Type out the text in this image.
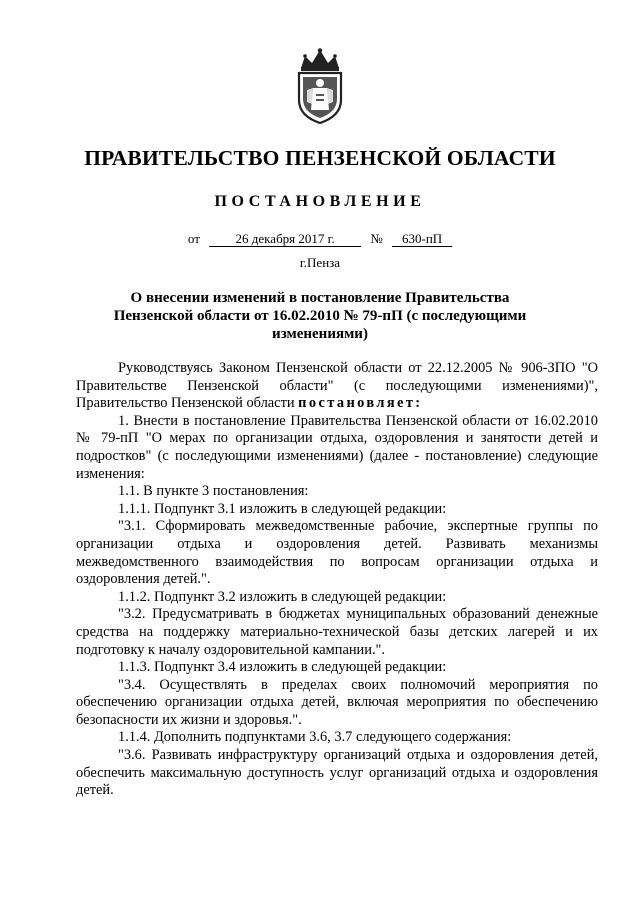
ПРАВИТЕЛЬСТВО ПЕНЗЕНСКОЙ ОБЛАСТИ
ПОСТАНОВЛЕНИЕ
от	26 декабря 2017 г.	№ 630-пП
г.Пенза
О внесении изменений в постановление Правительства Пензенской области от 16.02.2010 № 79-пП (с последующими изменениями)

Руководствуясь Законом Пензенской области от 22.12.2005 № 906-ЗПО "О Правительстве Пензенской области" (с последующими изменениями)", Правительство Пензенской области постановляет:

1. Внести в постановление Правительства Пензенской области от 16.02.2010 № 79-пП "О мерах по организации отдыха, оздоровления и занятости детей и подростков" (с последующими изменениями) (далее - постановление) следующие изменения:

1.1. В пункте 3 постановления:

1.1.1. Подпункт 3.1 изложить в следующей редакции:

"3.1. Сформировать межведомственные рабочие, экспертные группы по организации отдыха и оздоровления детей. Развивать механизмы межведомственного взаимодействия по вопросам организации отдыха и оздоровления детей.".

1.1.2. Подпункт 3.2 изложить в следующей редакции:

"3.2. Предусматривать в бюджетах муниципальных образований денежные средства на поддержку материально-технической базы детских лагерей и их подготовку к началу оздоровительной кампании.".

1.1.3. Подпункт 3.4 изложить в следующей редакции:

"3.4. Осуществлять в пределах своих полномочий мероприятия по обеспечению организации отдыха детей, включая мероприятия по обеспечению безопасности их жизни и здоровья.".

1.1.4. Дополнить подпунктами 3.6, 3.7 следующего содержания:

"3.6. Развивать инфраструктуру организаций отдыха и оздоровления детей, обеспечить максимальную доступность услуг организаций отдыха и оздоровления детей.
